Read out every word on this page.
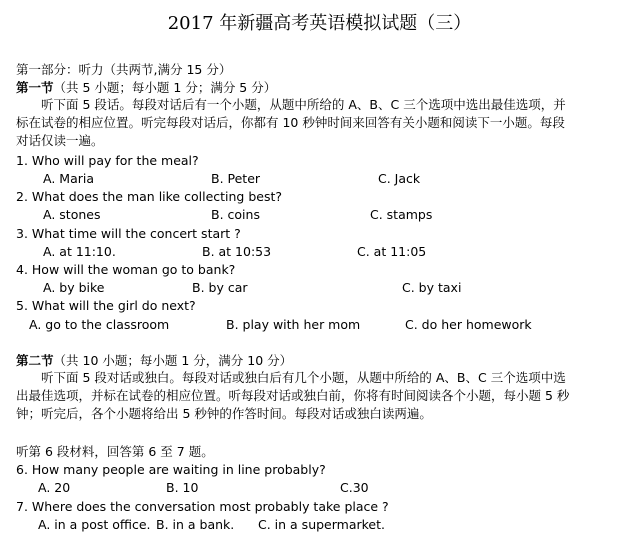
2017 年新疆高考英语模拟试题（三）
第一部分：听力（共两节,满分 15 分）
第一节（共 5 小题；每小题 1 分；满分 5 分）
听下面 5 段话。每段对话后有一个小题，从题中所给的 A、B、C 三个选项中选出最佳选项，并标在试卷的相应位置。听完每段对话后，你都有 10 秒钟时间来回答有关小题和阅读下一小题。每段对话仅读一遍。
1. Who will pay for the meal?
A. Maria	B. Peter	C. Jack
2. What does the man like collecting best?
A. stones	B. coins	C. stamps
3. What time will the concert start ?
A. at 11:10.	B. at 10:53	C. at 11:05
4. How will the woman go to bank?
A. by bike	B. by car	C. by taxi
5. What will the girl do next?
A. go to the classroom	B. play with her mom	C. do her homework
第二节（共 10 小题；每小题 1 分，满分 10 分）
听下面 5 段对话或独白。每段对话或独白后有几个小题，从题中所给的 A、B、C 三个选项中选出最佳选项，并标在试卷的相应位置。听每段对话或独白前，你将有时间阅读各个小题，每小题 5 秒钟；听完后，各个小题将给出 5 秒钟的作答时间。每段对话或独白读两遍。
听第 6 段材料，回答第 6 至 7 题。
6. How many people are waiting in line probably?
A. 20	B. 10	C.30
7. Where does the conversation most probably take place ?
A. in a post office. B. in a bank. C. in a supermarket.
